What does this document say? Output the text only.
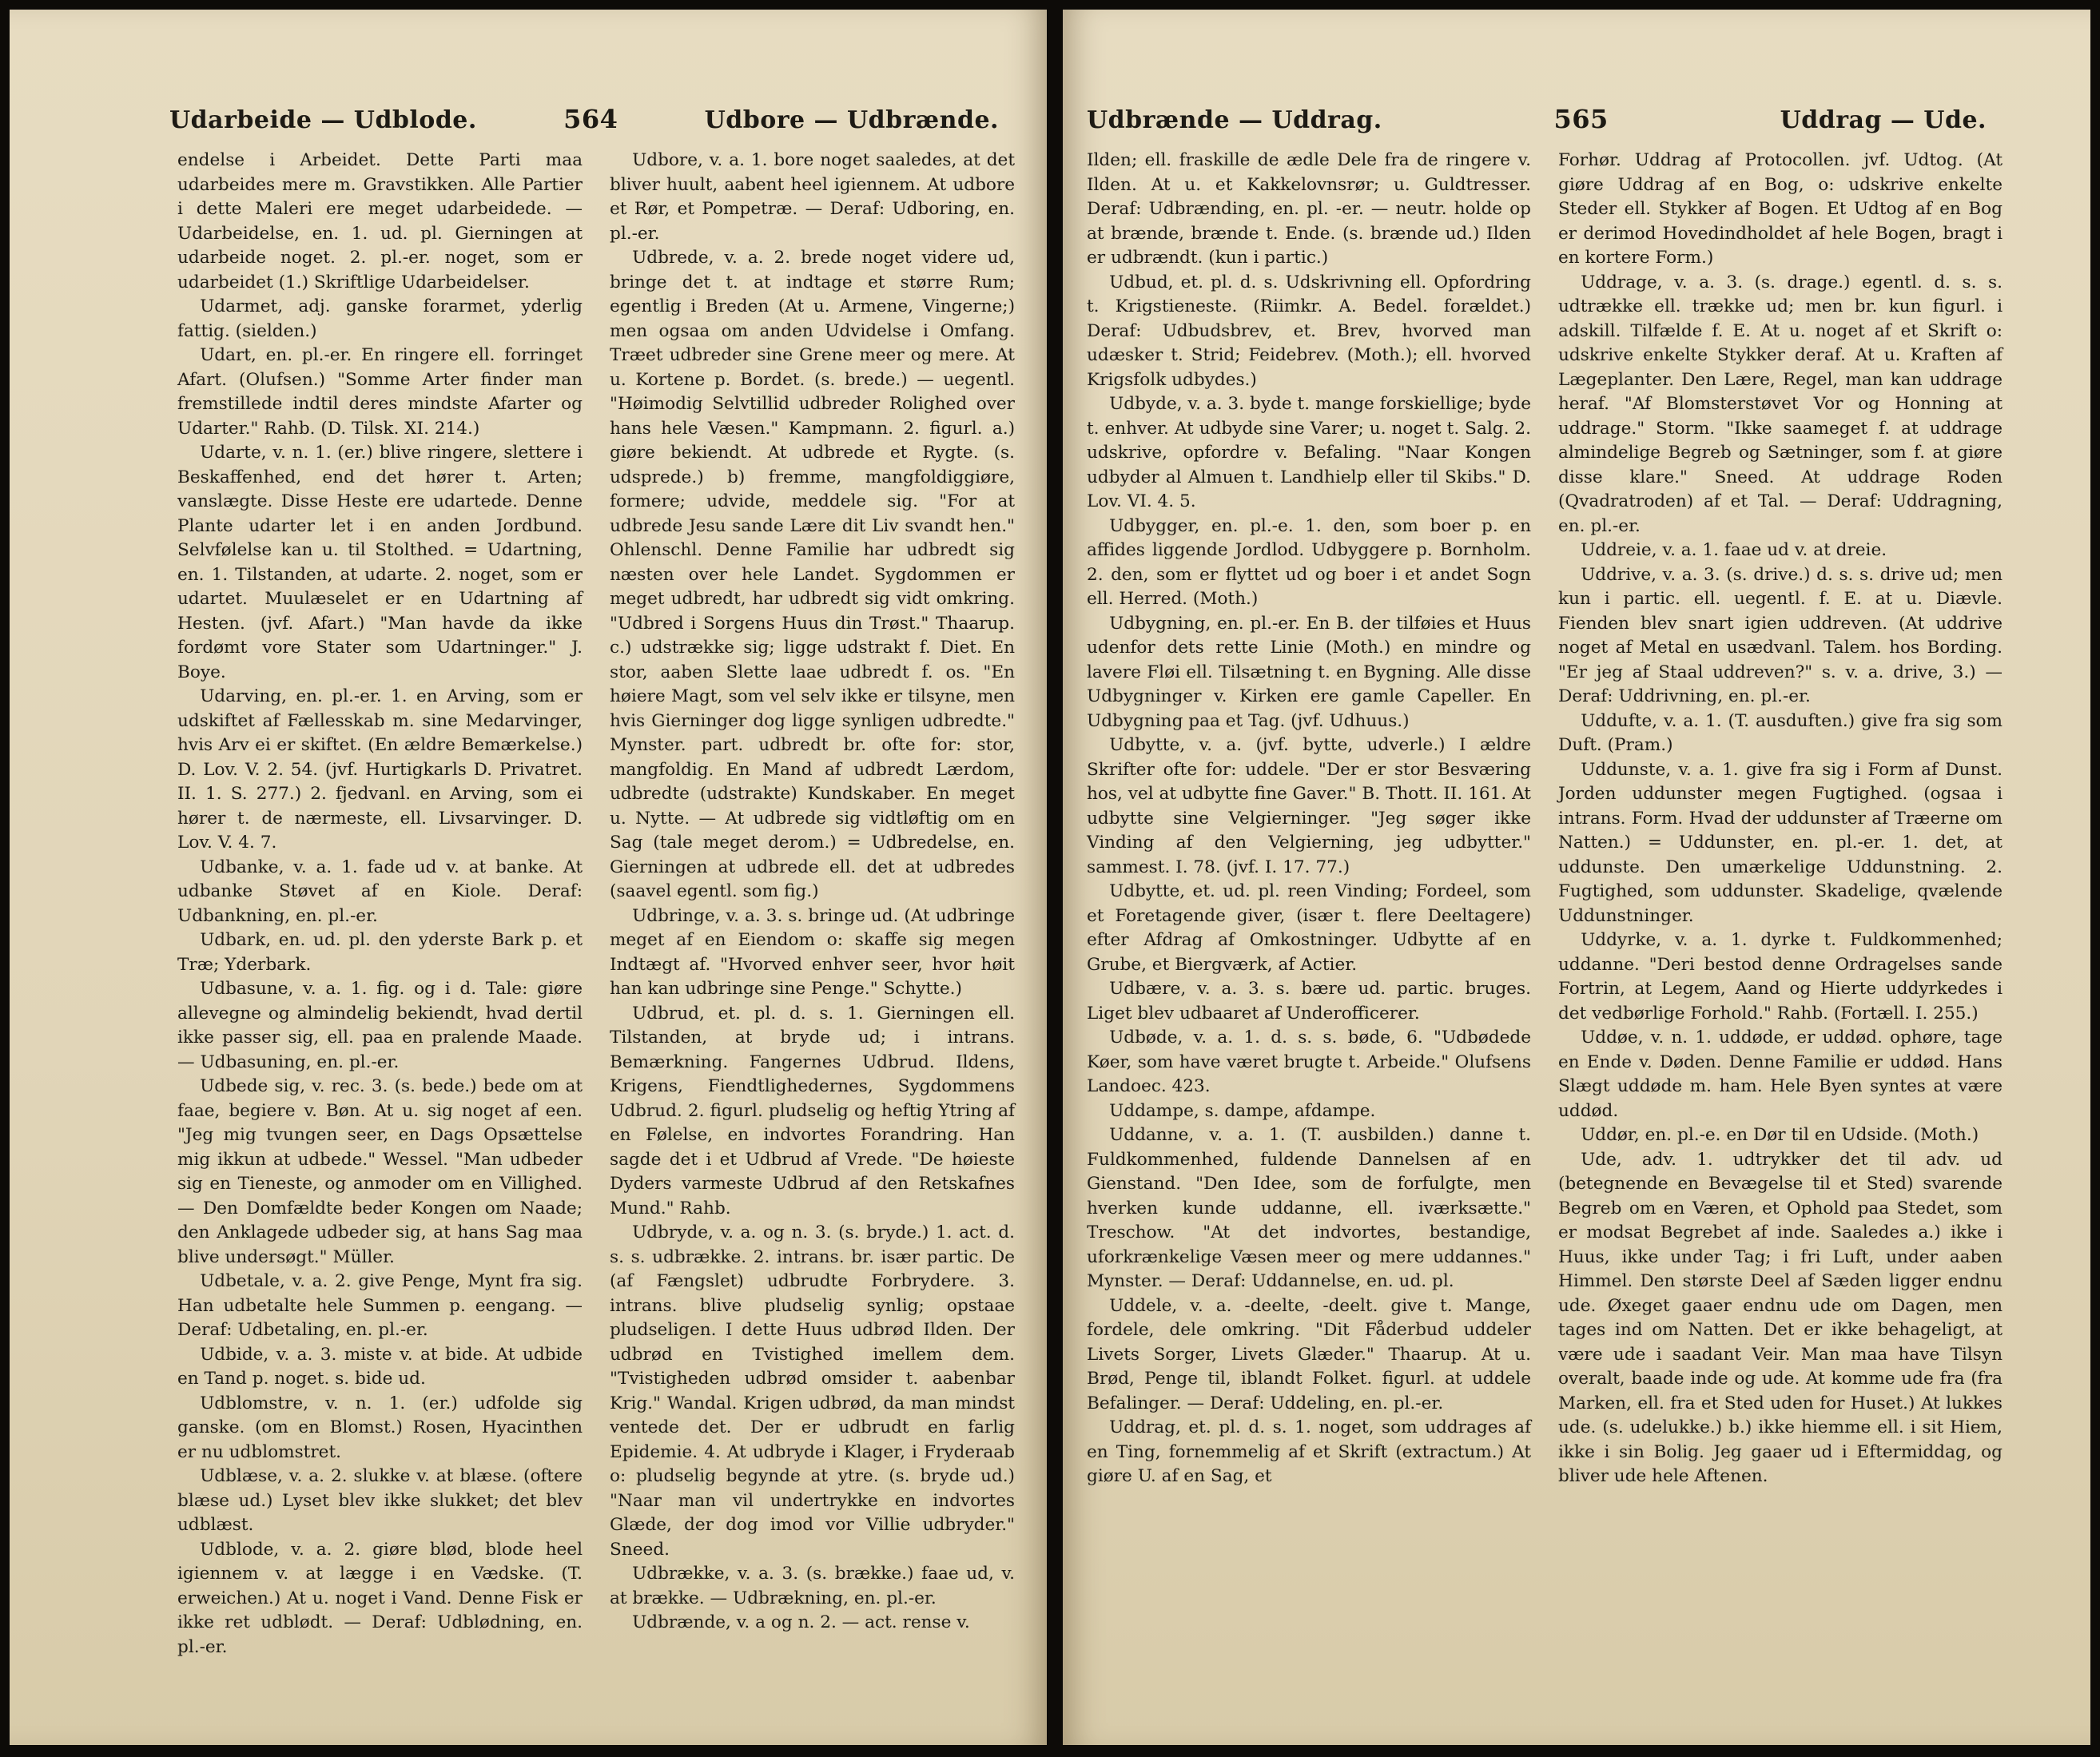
Udarbeide — Udblode.	564	Udbore — Udbrænde.

endelse i Arbeidet. Dette Parti maa udarbeides mere m. Gravstikken. Alle Partier i dette Maleri ere meget udarbeidede. — Udarbeidelse, en. 1. ud. pl. Gierningen at udarbeide noget. 2. pl.-er. noget, som er udarbeidet (1.) Skriftlige Udarbeidelser.

Udarmet, adj. ganske forarmet, yderlig fattig. (sielden.)

Udart, en. pl.-er. En ringere ell. forringet Afart. (Olufsen.) "Somme Arter finder man fremstillede indtil deres mindste Afarter og Udarter." Rahb. (D. Tilsk. XI. 214.)

Udarte, v. n. 1. (er.) blive ringere, slettere i Beskaffenhed, end det hører t. Arten; vanslægte. Disse Heste ere udartede. Denne Plante udarter let i en anden Jordbund. Selvfølelse kan u. til Stolthed. = Udartning, en. 1. Tilstanden, at udarte. 2. noget, som er udartet. Muulæselet er en Udartning af Hesten. (jvf. Afart.) "Man havde da ikke fordømt vore Stater som Udartninger." J. Boye.

Udarving, en. pl.-er. 1. en Arving, som er udskiftet af Fællesskab m. sine Medarvinger, hvis Arv ei er skiftet. (En ældre Bemærkelse.) D. Lov. V. 2. 54. (jvf. Hurtigkarls D. Privatret. II. 1. S. 277.) 2. fjedvanl. en Arving, som ei hører t. de nærmeste, ell. Livsarvinger. D. Lov. V. 4. 7.

Udbanke, v. a. 1. fade ud v. at banke. At udbanke Støvet af en Kiole. Deraf: Udbankning, en. pl.-er.

Udbark, en. ud. pl. den yderste Bark p. et Træ; Yderbark.

Udbasune, v. a. 1. fig. og i d. Tale: giøre allevegne og almindelig bekiendt, hvad dertil ikke passer sig, ell. paa en pralende Maade. — Udbasuning, en. pl.-er.

Udbede sig, v. rec. 3. (s. bede.) bede om at faae, begiere v. Bøn. At u. sig noget af een. "Jeg mig tvungen seer, en Dags Opsættelse mig ikkun at udbede." Wessel. "Man udbeder sig en Tieneste, og anmoder om en Villighed. — Den Domfældte beder Kongen om Naade; den Anklagede udbeder sig, at hans Sag maa blive undersøgt." Müller.

Udbetale, v. a. 2. give Penge, Mynt fra sig. Han udbetalte hele Summen p. eengang. — Deraf: Udbetaling, en. pl.-er.

Udbide, v. a. 3. miste v. at bide. At udbide en Tand p. noget. s. bide ud.

Udblomstre, v. n. 1. (er.) udfolde sig ganske. (om en Blomst.) Rosen, Hyacinthen er nu udblomstret.

Udblæse, v. a. 2. slukke v. at blæse. (oftere blæse ud.) Lyset blev ikke slukket; det blev udblæst.

Udblode, v. a. 2. giøre blød, blode heel igiennem v. at lægge i en Vædske. (T. erweichen.) At u. noget i Vand. Denne Fisk er ikke ret udblødt. — Deraf: Udblødning, en. pl.-er.

Udbore, v. a. 1. bore noget saaledes, at det bliver huult, aabent heel igiennem. At udbore et Rør, et Pompetræ. — Deraf: Udboring, en. pl.-er.

Udbrede, v. a. 2. brede noget videre ud, bringe det t. at indtage et større Rum; egentlig i Breden (At u. Armene, Vingerne;) men ogsaa om anden Udvidelse i Omfang. Træet udbreder sine Grene meer og mere. At u. Kortene p. Bordet. (s. brede.) — uegentl. "Høimodig Selvtillid udbreder Rolighed over hans hele Væsen." Kampmann. 2. figurl. a.) giøre bekiendt. At udbrede et Rygte. (s. udsprede.) b) fremme, mangfoldiggiøre, formere; udvide, meddele sig. "For at udbrede Jesu sande Lære dit Liv svandt hen." Ohlenschl. Denne Familie har udbredt sig næsten over hele Landet. Sygdommen er meget udbredt, har udbredt sig vidt omkring. "Udbred i Sorgens Huus din Trøst." Thaarup. c.) udstrække sig; ligge udstrakt f. Diet. En stor, aaben Slette laae udbredt f. os. "En høiere Magt, som vel selv ikke er tilsyne, men hvis Gierninger dog ligge synligen udbredte." Mynster. part. udbredt br. ofte for: stor, mangfoldig. En Mand af udbredt Lærdom, udbredte (udstrakte) Kundskaber. En meget u. Nytte. — At udbrede sig vidtløftig om en Sag (tale meget derom.) = Udbredelse, en. Gierningen at udbrede ell. det at udbredes (saavel egentl. som fig.)

Udbringe, v. a. 3. s. bringe ud. (At udbringe meget af en Eiendom o: skaffe sig megen Indtægt af. "Hvorved enhver seer, hvor høit han kan udbringe sine Penge." Schytte.)

Udbrud, et. pl. d. s. 1. Gierningen ell. Tilstanden, at bryde ud; i intrans. Bemærkning. Fangernes Udbrud. Ildens, Krigens, Fiendtlighedernes, Sygdommens Udbrud. 2. figurl. pludselig og heftig Ytring af en Følelse, en indvortes Forandring. Han sagde det i et Udbrud af Vrede. "De høieste Dyders varmeste Udbrud af den Retskafnes Mund." Rahb.

Udbryde, v. a. og n. 3. (s. bryde.) 1. act. d. s. s. udbrække. 2. intrans. br. især partic. De (af Fængslet) udbrudte Forbrydere. 3. intrans. blive pludselig synlig; opstaae pludseligen. I dette Huus udbrød Ilden. Der udbrød en Tvistighed imellem dem. "Tvistigheden udbrød omsider t. aabenbar Krig." Wandal. Krigen udbrød, da man mindst ventede det. Der er udbrudt en farlig Epidemie. 4. At udbryde i Klager, i Fryderaab o: pludselig begynde at ytre. (s. bryde ud.) "Naar man vil undertrykke en indvortes Glæde, der dog imod vor Villie udbryder." Sneed.

Udbrække, v. a. 3. (s. brække.) faae ud, v. at brække. — Udbrækning, en. pl.-er.

Udbrænde, v. a og n. 2. — act. rense v.

Udbrænde — Uddrag.	565	Uddrag — Ude.

Ilden; ell. fraskille de ædle Dele fra de ringere v. Ilden. At u. et Kakkelovnsrør; u. Guldtresser. Deraf: Udbrænding, en. pl. -er. — neutr. holde op at brænde, brænde t. Ende. (s. brænde ud.) Ilden er udbrændt. (kun i partic.)

Udbud, et. pl. d. s. Udskrivning ell. Opfordring t. Krigstieneste. (Riimkr. A. Bedel. forældet.) Deraf: Udbudsbrev, et. Brev, hvorved man udæsker t. Strid; Feidebrev. (Moth.); ell. hvorved Krigsfolk udbydes.)

Udbyde, v. a. 3. byde t. mange forskiellige; byde t. enhver. At udbyde sine Varer; u. noget t. Salg. 2. udskrive, opfordre v. Befaling. "Naar Kongen udbyder al Almuen t. Landhielp eller til Skibs." D. Lov. VI. 4. 5.

Udbygger, en. pl.-e. 1. den, som boer p. en affides liggende Jordlod. Udbyggere p. Bornholm. 2. den, som er flyttet ud og boer i et andet Sogn ell. Herred. (Moth.)

Udbygning, en. pl.-er. En B. der tilføies et Huus udenfor dets rette Linie (Moth.) en mindre og lavere Fløi ell. Tilsætning t. en Bygning. Alle disse Udbygninger v. Kirken ere gamle Capeller. En Udbygning paa et Tag. (jvf. Udhuus.)

Udbytte, v. a. (jvf. bytte, udverle.) I ældre Skrifter ofte for: uddele. "Der er stor Besværing hos, vel at udbytte fine Gaver." B. Thott. II. 161. At udbytte sine Velgierninger. "Jeg søger ikke Vinding af den Velgierning, jeg udbytter." sammest. I. 78. (jvf. I. 17. 77.)

Udbytte, et. ud. pl. reen Vinding; Fordeel, som et Foretagende giver, (især t. flere Deeltagere) efter Afdrag af Omkostninger. Udbytte af en Grube, et Biergværk, af Actier.

Udbære, v. a. 3. s. bære ud. partic. bruges. Liget blev udbaaret af Underofficerer.

Udbøde, v. a. 1. d. s. s. bøde, 6. "Udbødede Køer, som have været brugte t. Arbeide." Olufsens Landoec. 423.

Uddampe, s. dampe, afdampe.

Uddanne, v. a. 1. (T. ausbilden.) danne t. Fuldkommenhed, fuldende Dannelsen af en Gienstand. "Den Idee, som de forfulgte, men hverken kunde uddanne, ell. iværksætte." Treschow. "At det indvortes, bestandige, uforkrænkelige Væsen meer og mere uddannes." Mynster. — Deraf: Uddannelse, en. ud. pl.

Uddele, v. a. -deelte, -deelt. give t. Mange, fordele, dele omkring. "Dit Fåderbud uddeler Livets Sorger, Livets Glæder." Thaarup. At u. Brød, Penge til, iblandt Folket. figurl. at uddele Befalinger. — Deraf: Uddeling, en. pl.-er.

Uddrag, et. pl. d. s. 1. noget, som uddrages af en Ting, fornemmelig af et Skrift (extractum.) At giøre U. af en Sag, et

Forhør. Uddrag af Protocollen. jvf. Udtog. (At giøre Uddrag af en Bog, o: udskrive enkelte Steder ell. Stykker af Bogen. Et Udtog af en Bog er derimod Hovedindholdet af hele Bogen, bragt i en kortere Form.)

Uddrage, v. a. 3. (s. drage.) egentl. d. s. s. udtrække ell. trække ud; men br. kun figurl. i adskill. Tilfælde f. E. At u. noget af et Skrift o: udskrive enkelte Stykker deraf. At u. Kraften af Lægeplanter. Den Lære, Regel, man kan uddrage heraf. "Af Blomsterstøvet Vor og Honning at uddrage." Storm. "Ikke saameget f. at uddrage almindelige Begreb og Sætninger, som f. at giøre disse klare." Sneed. At uddrage Roden (Qvadratroden) af et Tal. — Deraf: Uddragning, en. pl.-er.

Uddreie, v. a. 1. faae ud v. at dreie.

Uddrive, v. a. 3. (s. drive.) d. s. s. drive ud; men kun i partic. ell. uegentl. f. E. at u. Diævle. Fienden blev snart igien uddreven. (At uddrive noget af Metal en usædvanl. Talem. hos Bording. "Er jeg af Staal uddreven?" s. v. a. drive, 3.) — Deraf: Uddrivning, en. pl.-er.

Uddufte, v. a. 1. (T. ausduften.) give fra sig som Duft. (Pram.)

Uddunste, v. a. 1. give fra sig i Form af Dunst. Jorden uddunster megen Fugtighed. (ogsaa i intrans. Form. Hvad der uddunster af Træerne om Natten.) = Uddunster, en. pl.-er. 1. det, at uddunste. Den umærkelige Uddunstning. 2. Fugtighed, som uddunster. Skadelige, qvælende Uddunstninger.

Uddyrke, v. a. 1. dyrke t. Fuldkommenhed; uddanne. "Deri bestod denne Ordragelses sande Fortrin, at Legem, Aand og Hierte uddyrkedes i det vedbørlige Forhold." Rahb. (Fortæll. I. 255.)

Uddøe, v. n. 1. uddøde, er uddød. ophøre, tage en Ende v. Døden. Denne Familie er uddød. Hans Slægt uddøde m. ham. Hele Byen syntes at være uddød.

Uddør, en. pl.-e. en Dør til en Udside. (Moth.)

Ude, adv. 1. udtrykker det til adv. ud (betegnende en Bevægelse til et Sted) svarende Begreb om en Væren, et Ophold paa Stedet, som er modsat Begrebet af inde. Saaledes a.) ikke i Huus, ikke under Tag; i fri Luft, under aaben Himmel. Den største Deel af Sæden ligger endnu ude. Øxeget gaaer endnu ude om Dagen, men tages ind om Natten. Det er ikke behageligt, at være ude i saadant Veir. Man maa have Tilsyn overalt, baade inde og ude. At komme ude fra (fra Marken, ell. fra et Sted uden for Huset.) At lukkes ude. (s. udelukke.) b.) ikke hiemme ell. i sit Hiem, ikke i sin Bolig. Jeg gaaer ud i Eftermiddag, og bliver ude hele Aftenen.
